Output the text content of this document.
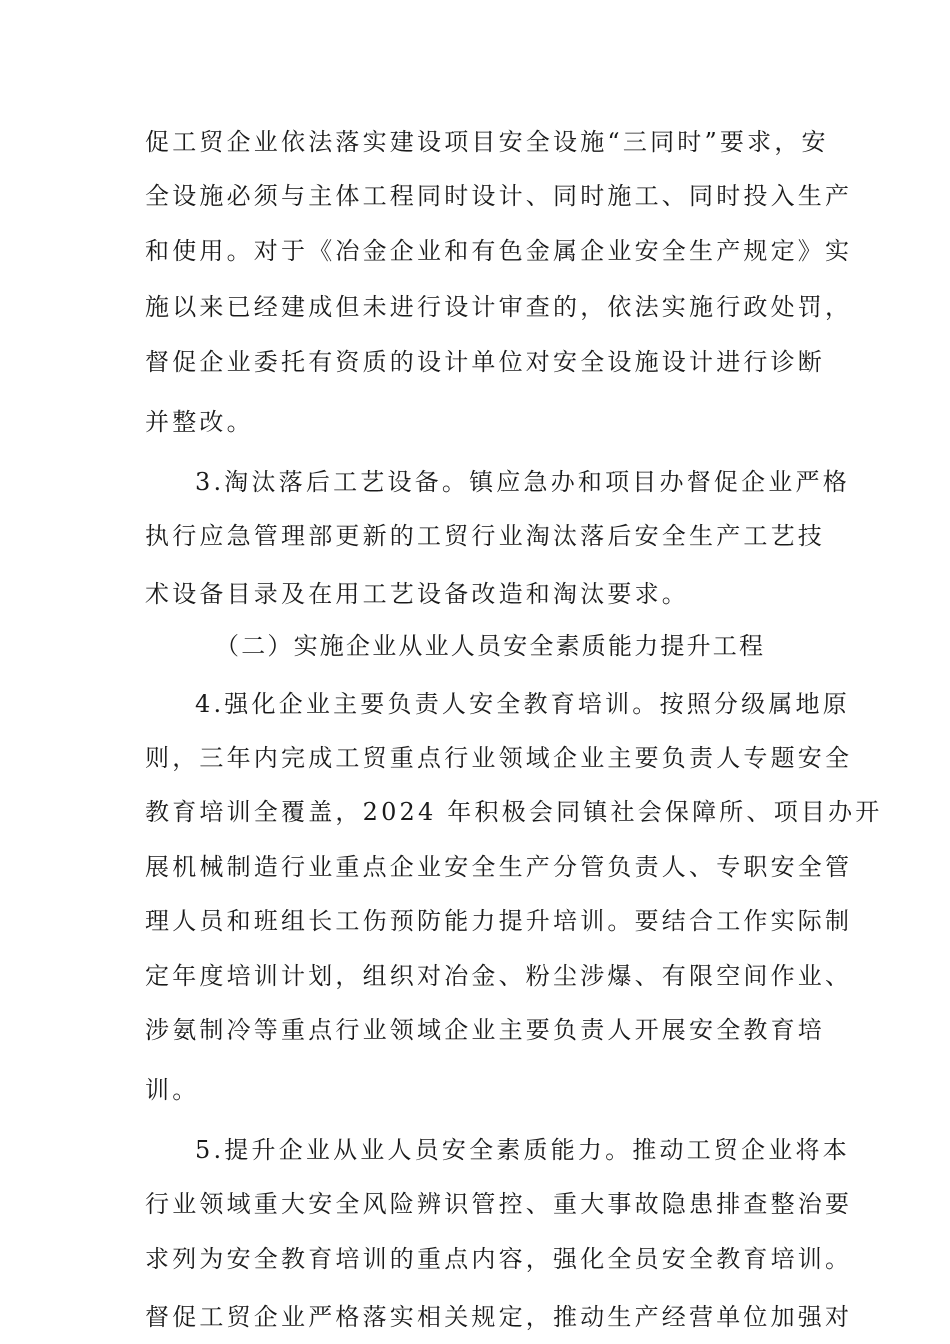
促工贸企业依法落实建设项目安全设施“三同时”要求，安
全设施必须与主体工程同时设计、同时施工、同时投入生产
和使用。对于《冶金企业和有色金属企业安全生产规定》实
施以来已经建成但未进行设计审查的，依法实施行政处罚，
督促企业委托有资质的设计单位对安全设施设计进行诊断
并整改。
3.淘汰落后工艺设备。镇应急办和项目办督促企业严格
执行应急管理部更新的工贸行业淘汰落后安全生产工艺技
术设备目录及在用工艺设备改造和淘汰要求。
（二）实施企业从业人员安全素质能力提升工程
4.强化企业主要负责人安全教育培训。按照分级属地原
则，三年内完成工贸重点行业领域企业主要负责人专题安全
教育培训全覆盖，2024 年积极会同镇社会保障所、项目办开
展机械制造行业重点企业安全生产分管负责人、专职安全管
理人员和班组长工伤预防能力提升培训。要结合工作实际制
定年度培训计划，组织对冶金、粉尘涉爆、有限空间作业、
涉氨制冷等重点行业领域企业主要负责人开展安全教育培
训。
5.提升企业从业人员安全素质能力。推动工贸企业将本
行业领域重大安全风险辨识管控、重大事故隐患排查整治要
求列为安全教育培训的重点内容，强化全员安全教育培训。
督促工贸企业严格落实相关规定，推动生产经营单位加强对
